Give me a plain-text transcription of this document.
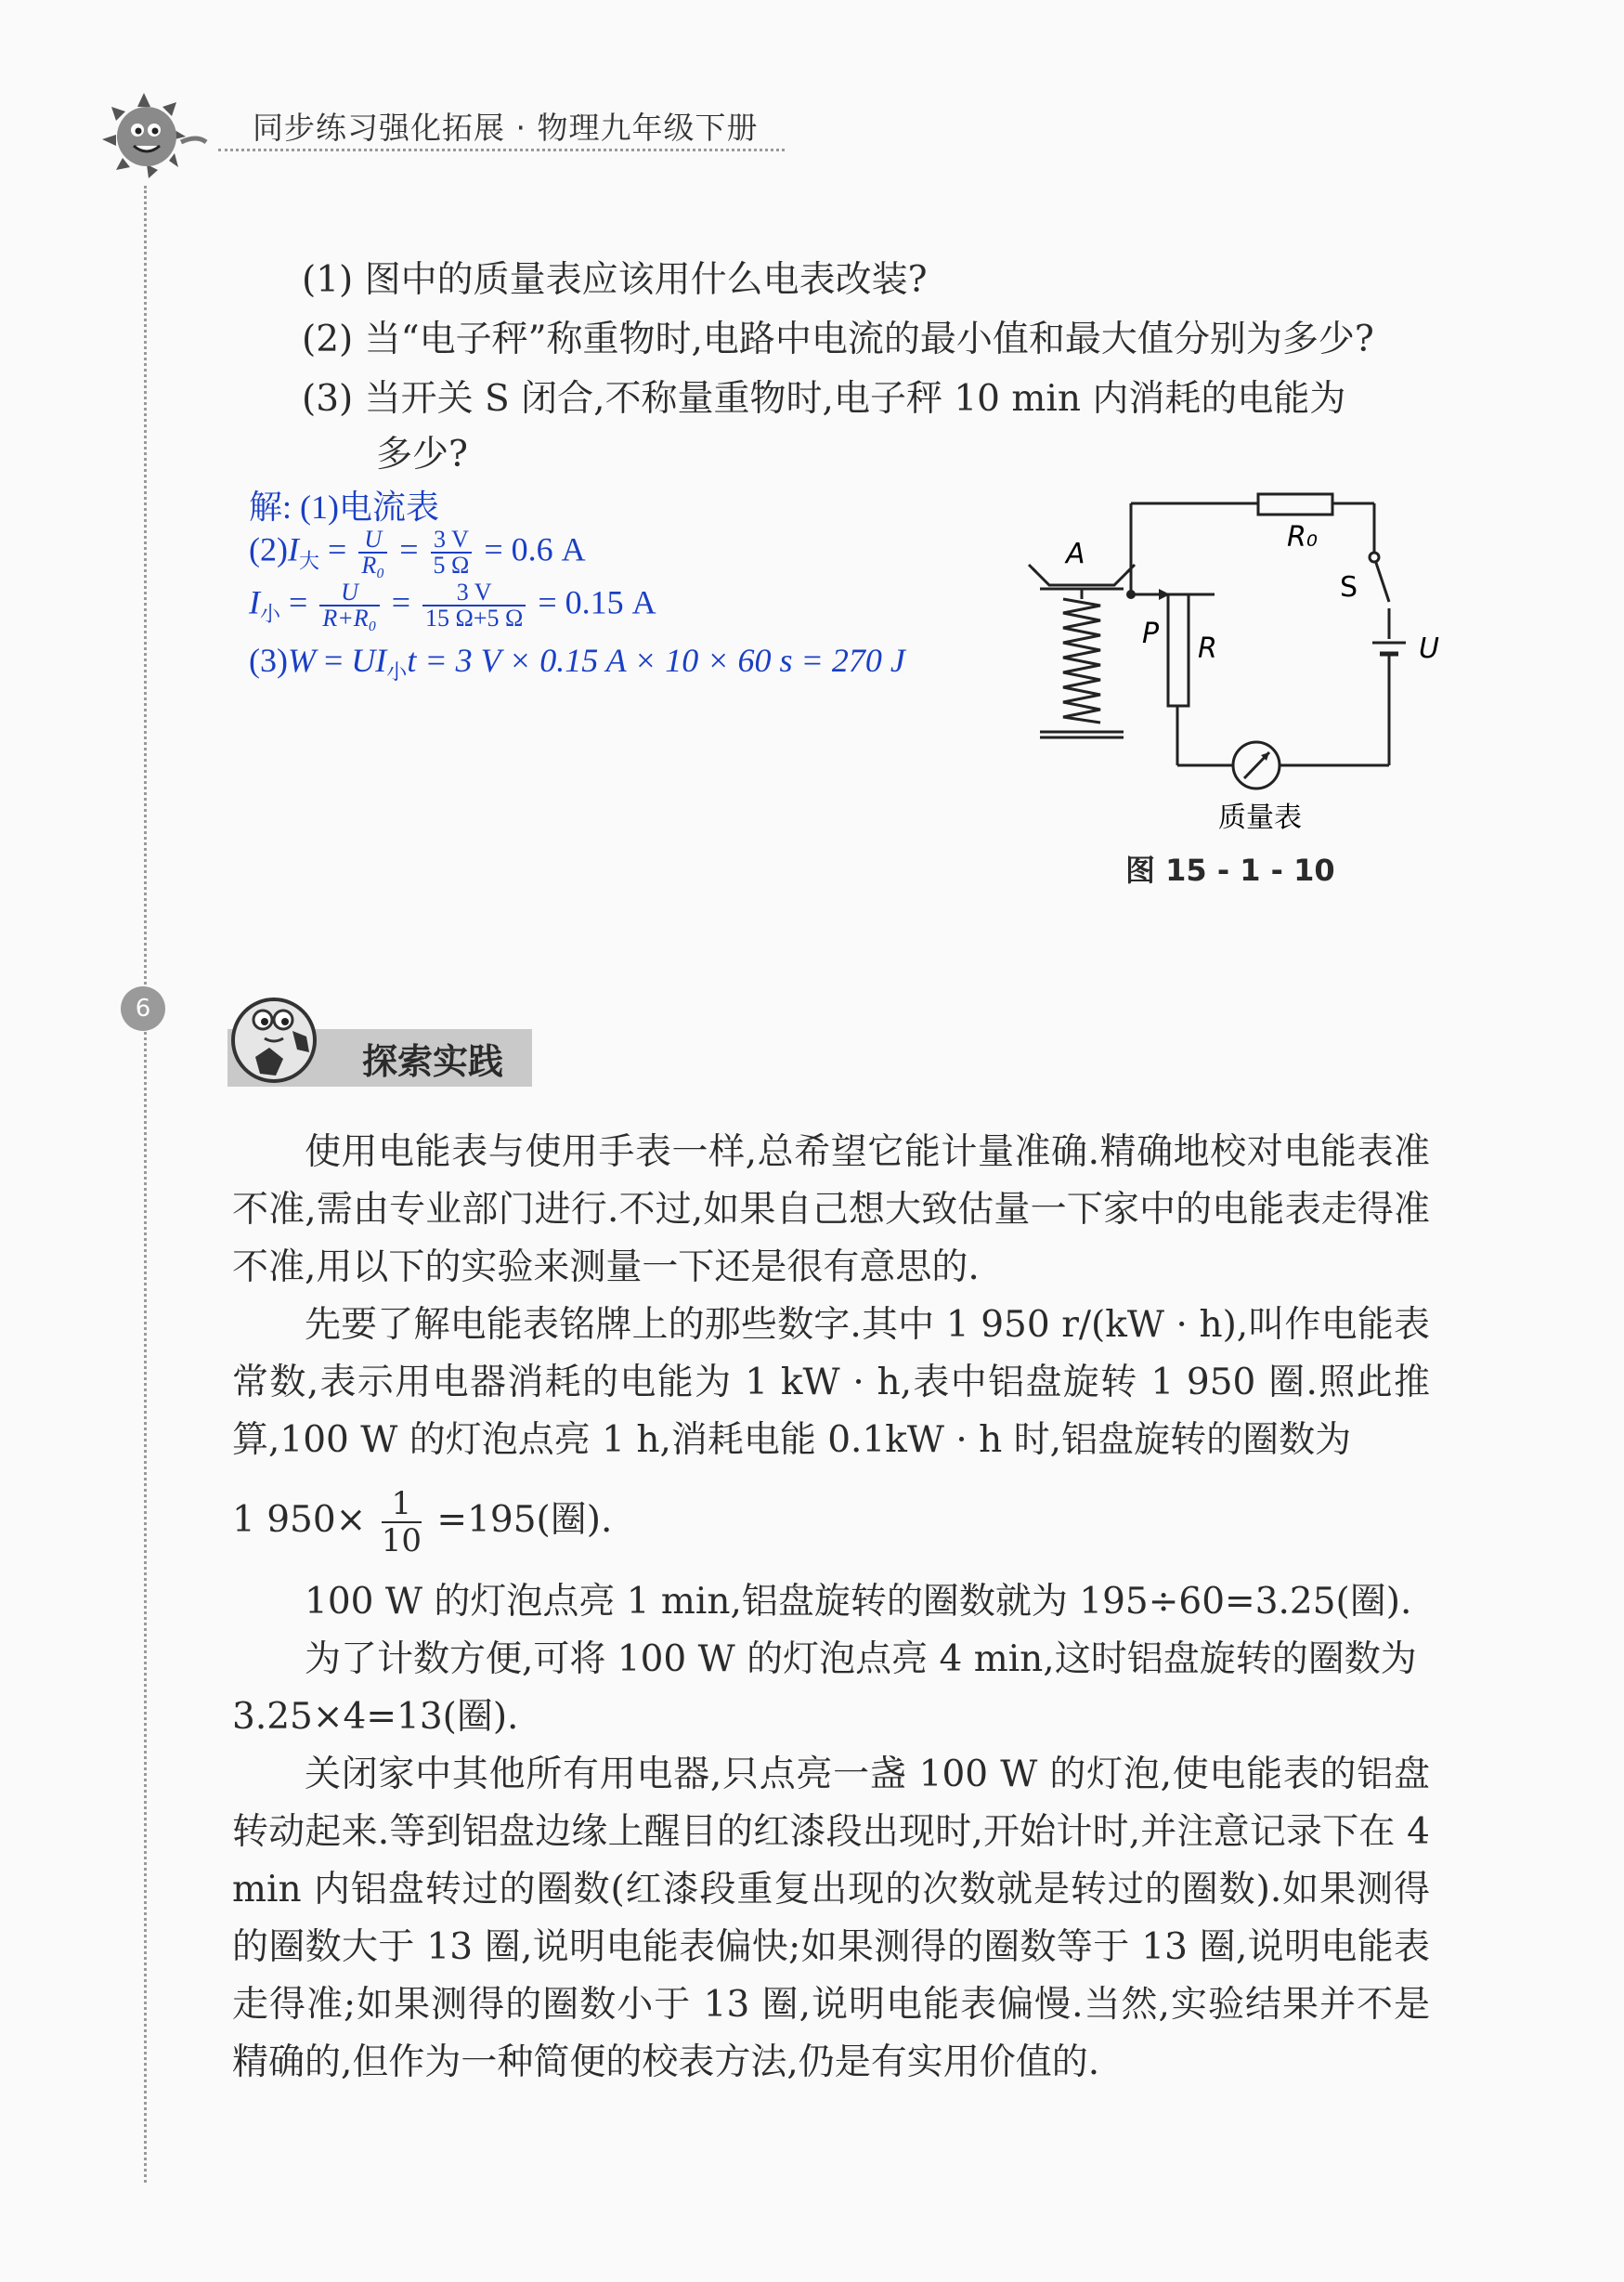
同步练习强化拓展 · 物理九年级下册
(1) 图中的质量表应该用什么电表改装?
(2) 当“电子秤”称重物时,电路中电流的最小值和最大值分别为多少?
(3) 当开关 S 闭合,不称量重物时,电子秤 10 min 内消耗的电能为
多少?
解: (1)电流表
$(2)I_大 = \frac{U}{\text{R₀}} = \frac{3 V}{5 \Omega} = 0.6$ A
$I_小 = \frac{U}{\text{R+R₀}} = \frac{3 V}{15 \Omega+5 \Omega} = 0.15$ A
$(3)W = UI_小t = 3$ V × 0.15 A × 10 × 60 s = 270 J
A
P R
R₀
S
U
质量表
图 15 - 1 - 10
6
探索实践
使用电能表与使用手表一样,总希望它能计量准确.精确地校对电能表准不准,需由专业部门进行.不过,如果自己想大致估量一下家中的电能表走得准不准,用以下的实验来测量一下还是很有意思的.
先要了解电能表铭牌上的那些数字.其中 1 950 r/(kW · h),叫作电能表常数,表示用电器消耗的电能为 1 kW · h,表中铝盘旋转 1 950 圈.照此推算,100 W 的灯泡点亮 1 h,消耗电能 0.1kW · h 时,铝盘旋转的圈数为
1 $950\times \frac{1}{10} =195$(圈).
100 W 的灯泡点亮 1 min,铝盘旋转的圈数就为 195÷60=3.25(圈).
为了计数方便,可将 100 W 的灯泡点亮 4 min,这时铝盘旋转的圈数为
3.25×4=13(圈).
关闭家中其他所有用电器,只点亮一盏 100 W 的灯泡,使电能表的铝盘转动起来.等到铝盘边缘上醒目的红漆段出现时,开始计时,并注意记录下在 4 min 内铝盘转过的圈数(红漆段重复出现的次数就是转过的圈数).如果测得的圈数大于 13 圈,说明电能表偏快;如果测得的圈数等于 13 圈,说明电能表走得准;如果测得的圈数小于 13 圈,说明电能表偏慢.当然,实验结果并不是精确的,但作为一种简便的校表方法,仍是有实用价值的.
